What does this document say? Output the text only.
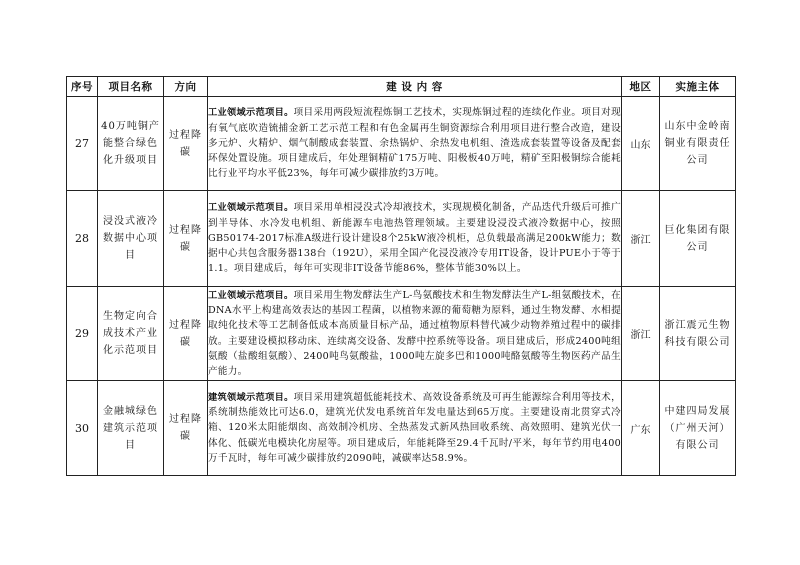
序号	项目名称	方向	建 设 内 容	地区	实施主体
27	40万吨铜产能整合绿色化升级项目	过程降碳	工业领域示范项目。项目采用两段短流程炼铜工艺技术，实现炼铜过程的连续化作业。项目对现有氧气底吹造锍捕金新工艺示范工程和有色金属再生铜资源综合利用项目进行整合改造，建设多元炉、火精炉、烟气制酸成套装置、余热锅炉、余热发电机组、渣选成套装置等设备及配套环保处置设施。项目建成后，年处理铜精矿175万吨、阳极板40万吨，精矿至阳极铜综合能耗比行业平均水平低23%，每年可减少碳排放约3万吨。	山东	山东中金岭南铜业有限责任公司
28	浸没式液冷数据中心项目	过程降碳	工业领域示范项目。项目采用单相浸没式冷却液技术，实现规模化制备，产品迭代升级后可推广到半导体、水冷发电机组、新能源车电池热管理领域。主要建设浸没式液冷数据中心，按照GB50174-2017标准A级进行设计建设8个25kW液冷机柜，总负载最高满足200kW能力；数据中心共包含服务器138台（192U），采用全国产化浸没液冷专用IT设备，设计PUE小于等于1.1。项目建成后，每年可实现非IT设备节能86%，整体节能30%以上。	浙江	巨化集团有限公司
29	生物定向合成技术产业化示范项目	过程降碳	工业领域示范项目。项目采用生物发酵法生产L-鸟氨酸技术和生物发酵法生产L-组氨酸技术，在DNA水平上构建高效表达的基因工程菌，以植物来源的葡萄糖为原料，通过生物发酵、水相提取纯化技术等工艺制备低成本高质量目标产品，通过植物原料替代减少动物养殖过程中的碳排放。主要建设模拟移动床、连续离交设备、发酵中控系统等设备。项目建成后，形成2400吨组氨酸（盐酸组氨酸）、2400吨鸟氨酸盐，1000吨左旋多巴和1000吨酪氨酸等生物医药产品生产能力。	浙江	浙江震元生物科技有限公司
30	金融城绿色建筑示范项目	过程降碳	建筑领域示范项目。项目采用建筑超低能耗技术、高效设备系统及可再生能源综合利用等技术，系统制热能效比可达6.0，建筑光伏发电系统首年发电量达到65万度。主要建设南北贯穿式冷箱、120米太阳能烟囱、高效制冷机房、全热蒸发式新风热回收系统、高效照明、建筑光伏一体化、低碳光电模块化房屋等。项目建成后，年能耗降至29.4千瓦时/平米，每年节约用电400万千瓦时，每年可减少碳排放约2090吨，减碳率达58.9%。	广东	中建四局发展（广州天河）有限公司
